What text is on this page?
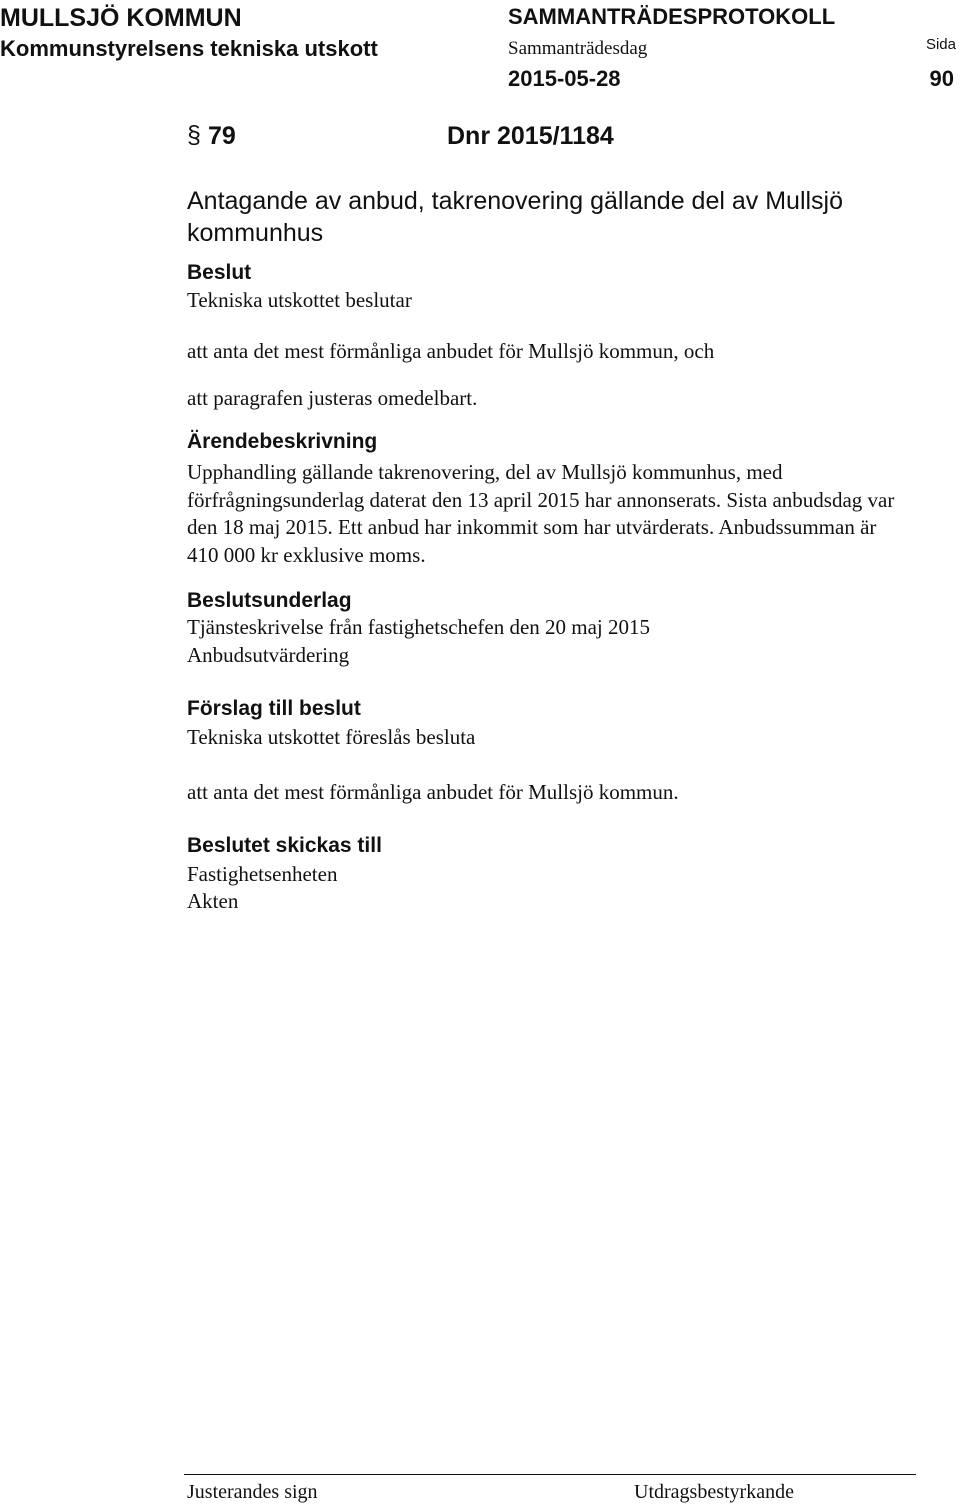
MULLSJÖ KOMMUN
Kommunstyrelsens tekniska utskott
SAMMANTRÄDESPROTOKOLL
Sammanträdesdag
2015-05-28
Sida
90
§ 79	Dnr 2015/1184
Antagande av anbud, takrenovering gällande del av Mullsjö kommunhus
Beslut
Tekniska utskottet beslutar
att anta det mest förmånliga anbudet för Mullsjö kommun, och
att paragrafen justeras omedelbart.
Ärendebeskrivning
Upphandling gällande takrenovering, del av Mullsjö kommunhus, med förfrågningsunderlag daterat den 13 april 2015 har annonserats. Sista anbudsdag var den 18 maj 2015. Ett anbud har inkommit som har utvärderats. Anbudssumman är 410 000 kr exklusive moms.
Beslutsunderlag
Tjänsteskrivelse från fastighetschefen den 20 maj 2015
Anbudsutvärdering
Förslag till beslut
Tekniska utskottet föreslås besluta
att anta det mest förmånliga anbudet för Mullsjö kommun.
Beslutet skickas till
Fastighetsenheten
Akten
Justerandes sign	Utdragsbestyrkande
